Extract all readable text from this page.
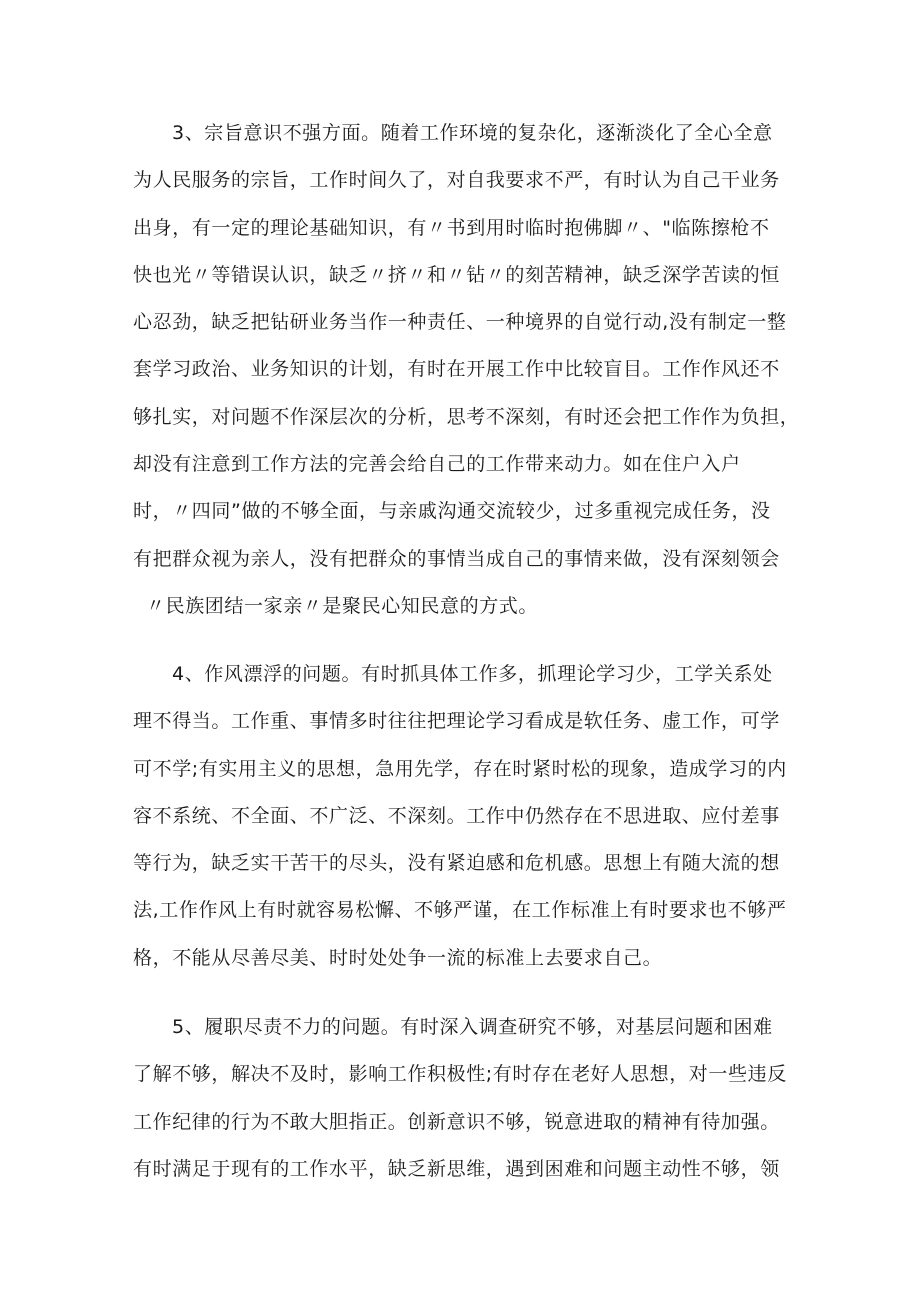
3、宗旨意识不强方面。随着工作环境的复杂化，逐渐淡化了全心全意
为人民服务的宗旨，工作时间久了，对自我要求不严，有时认为自己干业务
出身，有一定的理论基础知识，有〃书到用时临时抱佛脚〃、"临陈擦枪不
快也光〃等错误认识，缺乏〃挤〃和〃钻〃的刻苦精神，缺乏深学苦读的恒
心忍劲，缺乏把钻研业务当作一种责任、一种境界的自觉行动,没有制定一整
套学习政治、业务知识的计划，有时在开展工作中比较盲目。工作作风还不
够扎实，对问题不作深层次的分析，思考不深刻，有时还会把工作作为负担，
却没有注意到工作方法的完善会给自己的工作带来动力。如在住户入户
时，〃四同”做的不够全面，与亲戚沟通交流较少，过多重视完成任务，没
有把群众视为亲人，没有把群众的事情当成自己的事情来做，没有深刻领会
〃民族团结一家亲〃是聚民心知民意的方式。
4、作风漂浮的问题。有时抓具体工作多，抓理论学习少，工学关系处
理不得当。工作重、事情多时往往把理论学习看成是软任务、虚工作，可学
可不学;有实用主义的思想，急用先学，存在时紧时松的现象，造成学习的内
容不系统、不全面、不广泛、不深刻。工作中仍然存在不思进取、应付差事
等行为，缺乏实干苦干的尽头，没有紧迫感和危机感。思想上有随大流的想
法,工作作风上有时就容易松懈、不够严谨，在工作标准上有时要求也不够严
格，不能从尽善尽美、时时处处争一流的标准上去要求自己。
5、履职尽责不力的问题。有时深入调查研究不够，对基层问题和困难
了解不够，解决不及时，影响工作积极性;有时存在老好人思想，对一些违反
工作纪律的行为不敢大胆指正。创新意识不够，锐意进取的精神有待加强。
有时满足于现有的工作水平，缺乏新思维，遇到困难和问题主动性不够，领
